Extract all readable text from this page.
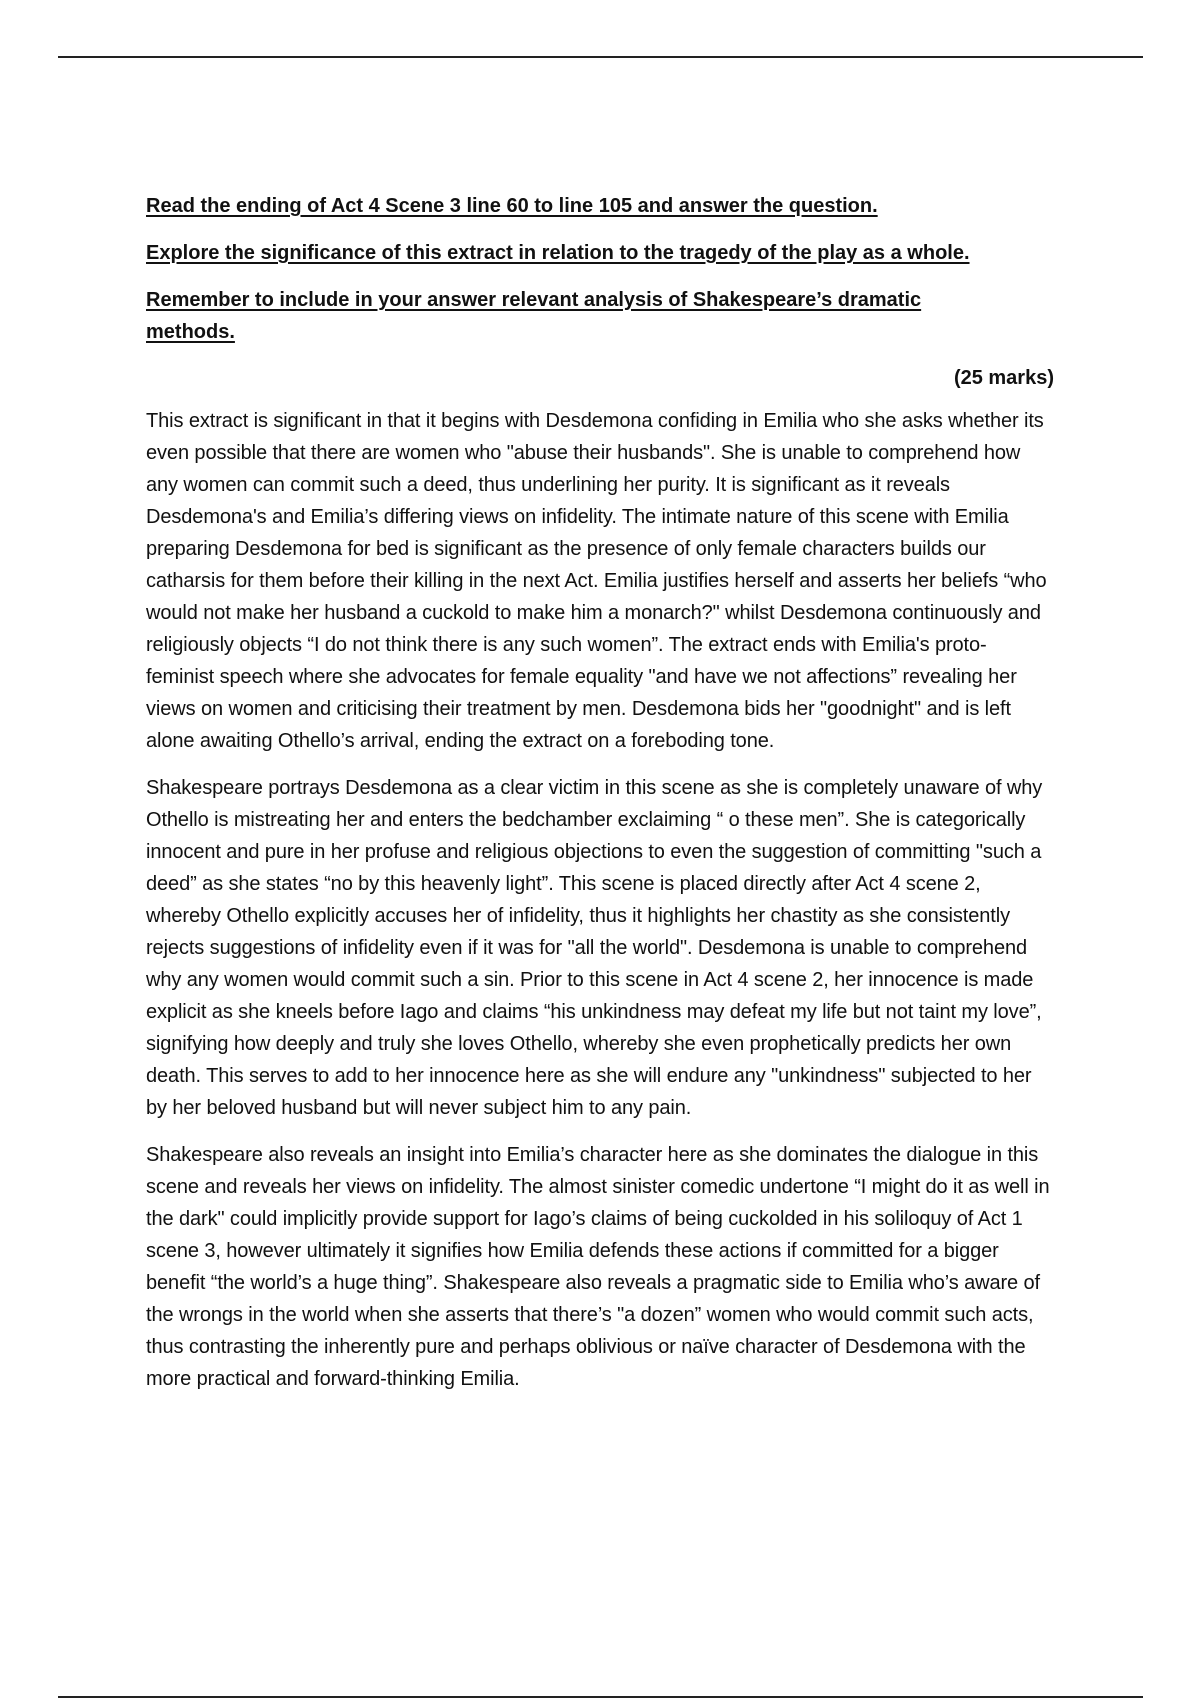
Read the ending of Act 4 Scene 3 line 60 to line 105 and answer the question.

Explore the significance of this extract in relation to the tragedy of the play as a whole.

Remember to include in your answer relevant analysis of Shakespeare’s dramatic methods.

(25 marks)

This extract is significant in that it begins with Desdemona confiding in Emilia who she asks whether its even possible that there are women who "abuse their husbands". She is unable to comprehend how any women can commit such a deed, thus underlining her purity. It is significant as it reveals Desdemona's and Emilia’s differing views on infidelity. The intimate nature of this scene with Emilia preparing Desdemona for bed is significant as the presence of only female characters builds our catharsis for them before their killing in the next Act. Emilia justifies herself and asserts her beliefs “who would not make her husband a cuckold to make him a monarch?" whilst Desdemona continuously and religiously objects “I do not think there is any such women”. The extract ends with Emilia's proto-feminist speech where she advocates for female equality "and have we not affections” revealing her views on women and criticising their treatment by men. Desdemona bids her "goodnight" and is left alone awaiting Othello’s arrival, ending the extract on a foreboding tone.

Shakespeare portrays Desdemona as a clear victim in this scene as she is completely unaware of why Othello is mistreating her and enters the bedchamber exclaiming “ o these men”. She is categorically innocent and pure in her profuse and religious objections to even the suggestion of committing "such a deed” as she states “no by this heavenly light”. This scene is placed directly after Act 4 scene 2, whereby Othello explicitly accuses her of infidelity, thus it highlights her chastity as she consistently rejects suggestions of infidelity even if it was for "all the world". Desdemona is unable to comprehend why any women would commit such a sin. Prior to this scene in Act 4 scene 2, her innocence is made explicit as she kneels before Iago and claims “his unkindness may defeat my life but not taint my love”, signifying how deeply and truly she loves Othello, whereby she even prophetically predicts her own death. This serves to add to her innocence here as she will endure any "unkindness" subjected to her by her beloved husband but will never subject him to any pain.

Shakespeare also reveals an insight into Emilia’s character here as she dominates the dialogue in this scene and reveals her views on infidelity. The almost sinister comedic undertone “I might do it as well in the dark" could implicitly provide support for Iago’s claims of being cuckolded in his soliloquy of Act 1 scene 3, however ultimately it signifies how Emilia defends these actions if committed for a bigger benefit “the world’s a huge thing”. Shakespeare also reveals a pragmatic side to Emilia who’s aware of the wrongs in the world when she asserts that there’s "a dozen” women who would commit such acts, thus contrasting the inherently pure and perhaps oblivious or naïve character of Desdemona with the more practical and forward-thinking Emilia.
